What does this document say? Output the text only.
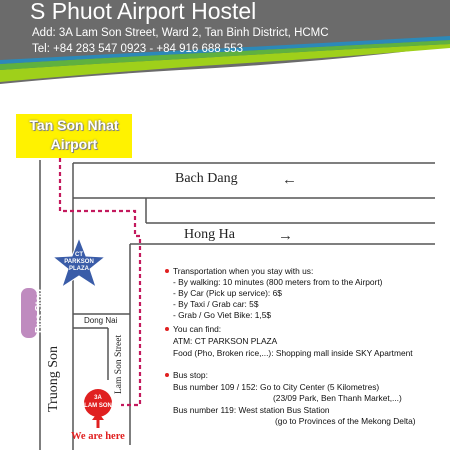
S Phuot Airport Hostel
Add: 3A Lam Son Street, Ward 2, Tan Binh District, HCMC
Tel: +84 283 547 0923 - +84 916 688 553
Tan Son Nhat
Airport
Bach Dang	←
Hong Ha	→
Dong Nai
Truong Son	Lam Son Street
Bus Stop
CT
PARKSON
PLAZA
3A
LAM SON
We are here
Transportation when you stay with us:
- By walking: 10 minutes (800 meters from to the Airport)
- By Car (Pick up service): 6$
- By Taxi / Grab car: 5$
- Grab / Go Viet Bike: 1,5$
You can find:
ATM: CT PARKSON PLAZA
Food (Pho, Broken rice,...): Shopping mall inside SKY Apartment
Bus stop:
Bus number 109 / 152: Go to City Center (5 Kilometres)
(23/09 Park, Ben Thanh Market,...)
Bus number 119: West station Bus Station
(go to Provinces of the Mekong Delta)
